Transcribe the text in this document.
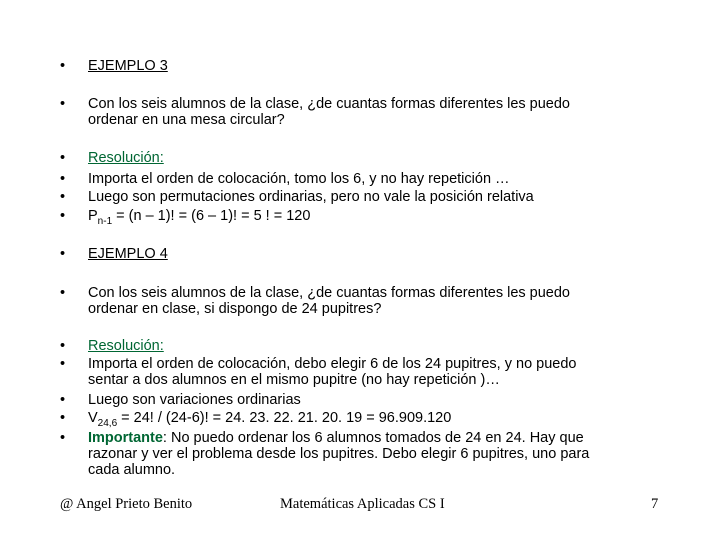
•	EJEMPLO 3
•	Con los seis alumnos de la clase, ¿de cuantas formas diferentes les puedo
ordenar en una mesa circular?
•	Resolución:
•	Importa el orden de colocación, tomo los 6, y no hay repetición …
•	Luego son permutaciones ordinarias, pero no vale la posición relativa
•	$P_{n-1} = (n - 1)$! = (6 – 1)! = 5 ! = 120
•	EJEMPLO 4
•	Con los seis alumnos de la clase, ¿de cuantas formas diferentes les puedo
ordenar en clase, si dispongo de 24 pupitres?
•	Resolución:
•	Importa el orden de colocación, debo elegir 6 de los 24 pupitres, y no puedo
sentar a dos alumnos en el mismo pupitre (no hay repetición )…
•	Luego son variaciones ordinarias
•	$V_{24,6} = 24$! / (24-6)! = 24. 23. 22. 21. 20. 19 = 96.909.120
•	Importante: No puedo ordenar los 6 alumnos tomados de 24 en 24. Hay que
razonar y ver el problema desde los pupitres. Debo elegir 6 pupitres, uno para
cada alumno.
@ Angel Prieto Benito	Matemáticas Aplicadas CS I	7
